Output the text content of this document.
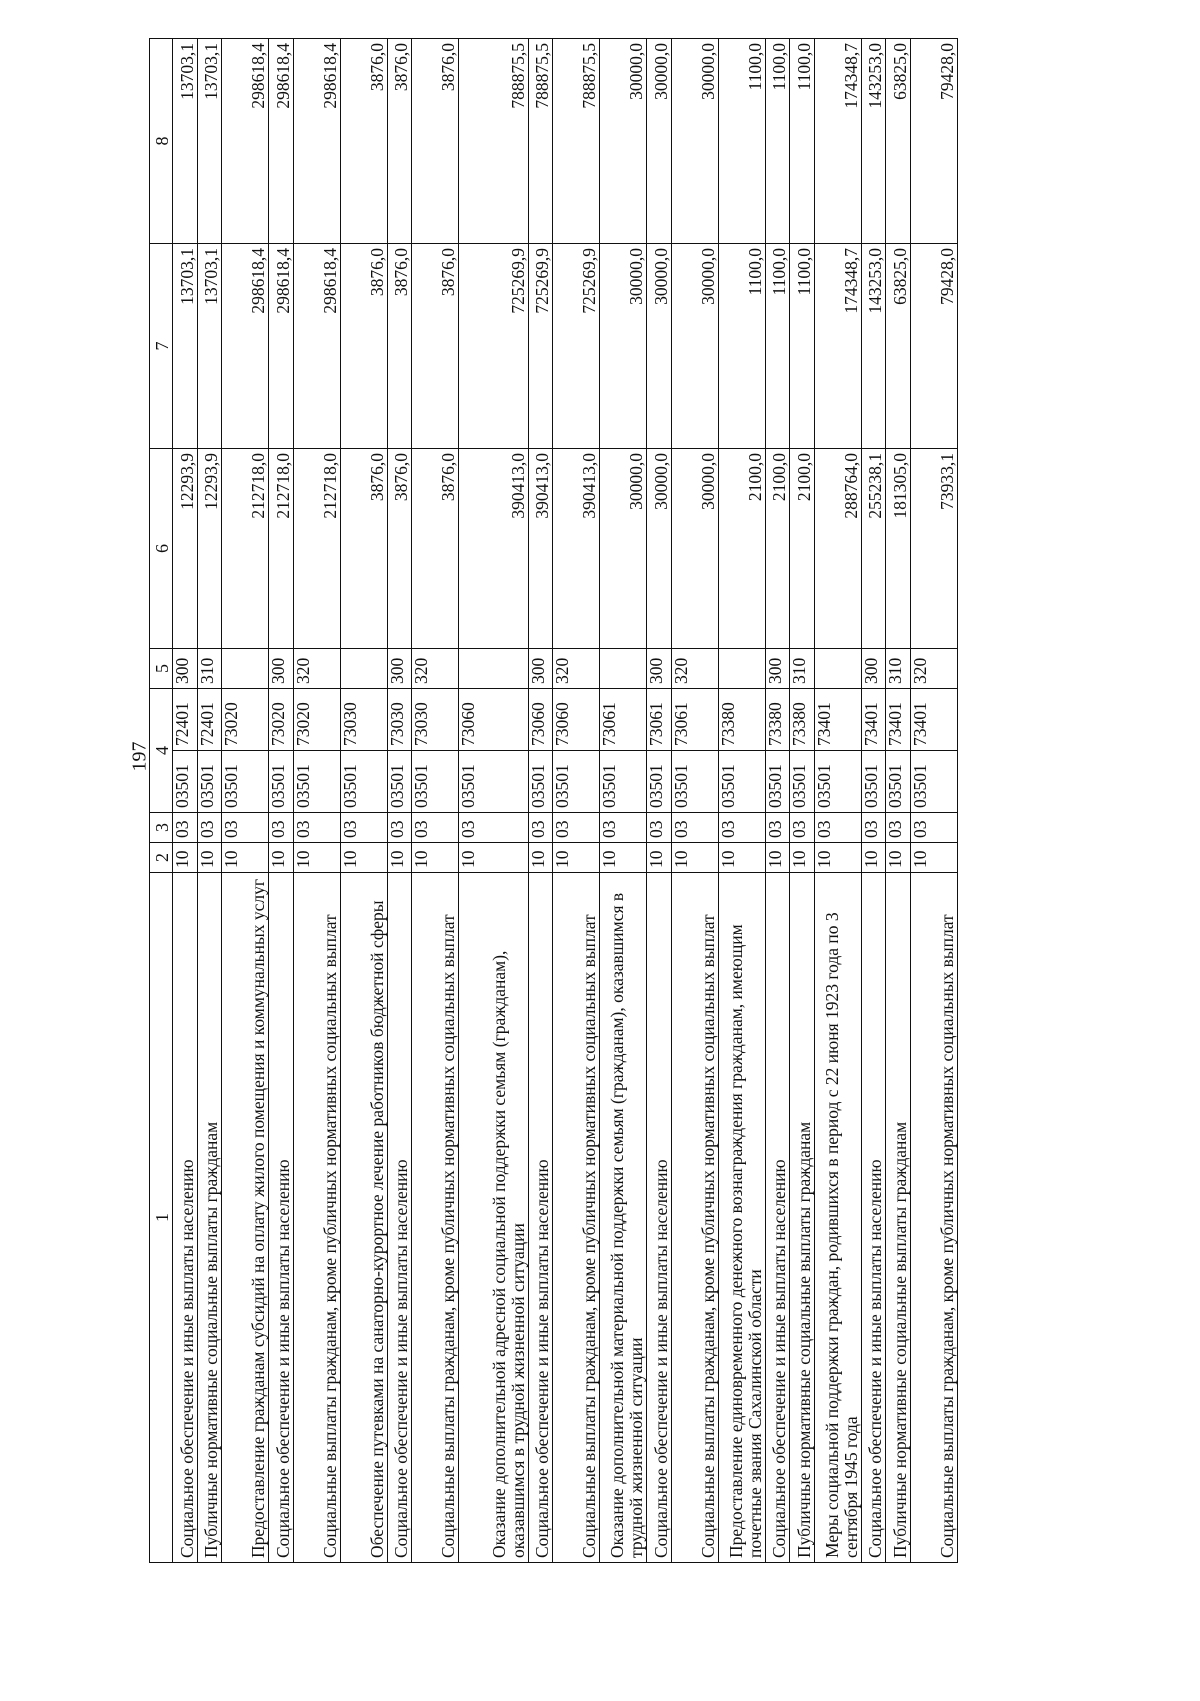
197
1	2	3	4		5	6	7	8
Социальное обеспечение и иные выплаты населению	10	03	03501	72401	300	12293,9	13703,1	13703,1
Публичные нормативные социальные выплаты гражданам	10	03	03501	72401	310	12293,9	13703,1	13703,1
Предоставление гражданам субсидий на оплату жилого помещения и коммунальных услуг	10	03	03501	73020		212718,0	298618,4	298618,4
Социальное обеспечение и иные выплаты населению	10	03	03501	73020	300	212718,0	298618,4	298618,4
Социальные выплаты гражданам, кроме публичных нормативных социальных выплат	10	03	03501	73020	320	212718,0	298618,4	298618,4
Обеспечение путевками на санаторно-курортное лечение работников бюджетной сферы	10	03	03501	73030		3876,0	3876,0	3876,0
Социальное обеспечение и иные выплаты населению	10	03	03501	73030	300	3876,0	3876,0	3876,0
Социальные выплаты гражданам, кроме публичных нормативных социальных выплат	10	03	03501	73030	320	3876,0	3876,0	3876,0
Оказание дополнительной адресной социальной поддержки семьям (гражданам), оказавшимся в трудной жизненной ситуации	10	03	03501	73060		390413,0	725269,9	788875,5
Социальное обеспечение и иные выплаты населению	10	03	03501	73060	300	390413,0	725269,9	788875,5
Социальные выплаты гражданам, кроме публичных нормативных социальных выплат	10	03	03501	73060	320	390413,0	725269,9	788875,5
Оказание дополнительной материальной поддержки семьям (гражданам), оказавшимся в трудной жизненной ситуации	10	03	03501	73061		30000,0	30000,0	30000,0
Социальное обеспечение и иные выплаты населению	10	03	03501	73061	300	30000,0	30000,0	30000,0
Социальные выплаты гражданам, кроме публичных нормативных социальных выплат	10	03	03501	73061	320	30000,0	30000,0	30000,0
Предоставление единовременного денежного вознаграждения гражданам, имеющим почетные звания Сахалинской области	10	03	03501	73380		2100,0	1100,0	1100,0
Социальное обеспечение и иные выплаты населению	10	03	03501	73380	300	2100,0	1100,0	1100,0
Публичные нормативные социальные выплаты гражданам	10	03	03501	73380	310	2100,0	1100,0	1100,0
Меры социальной поддержки граждан, родившихся в период с 22 июня 1923 года по 3 сентября 1945 года	10	03	03501	73401		288764,0	174348,7	174348,7
Социальное обеспечение и иные выплаты населению	10	03	03501	73401	300	255238,1	143253,0	143253,0
Публичные нормативные социальные выплаты гражданам	10	03	03501	73401	310	181305,0	63825,0	63825,0
Социальные выплаты гражданам, кроме публичных нормативных социальных выплат	10	03	03501	73401	320	73933,1	79428,0	79428,0
